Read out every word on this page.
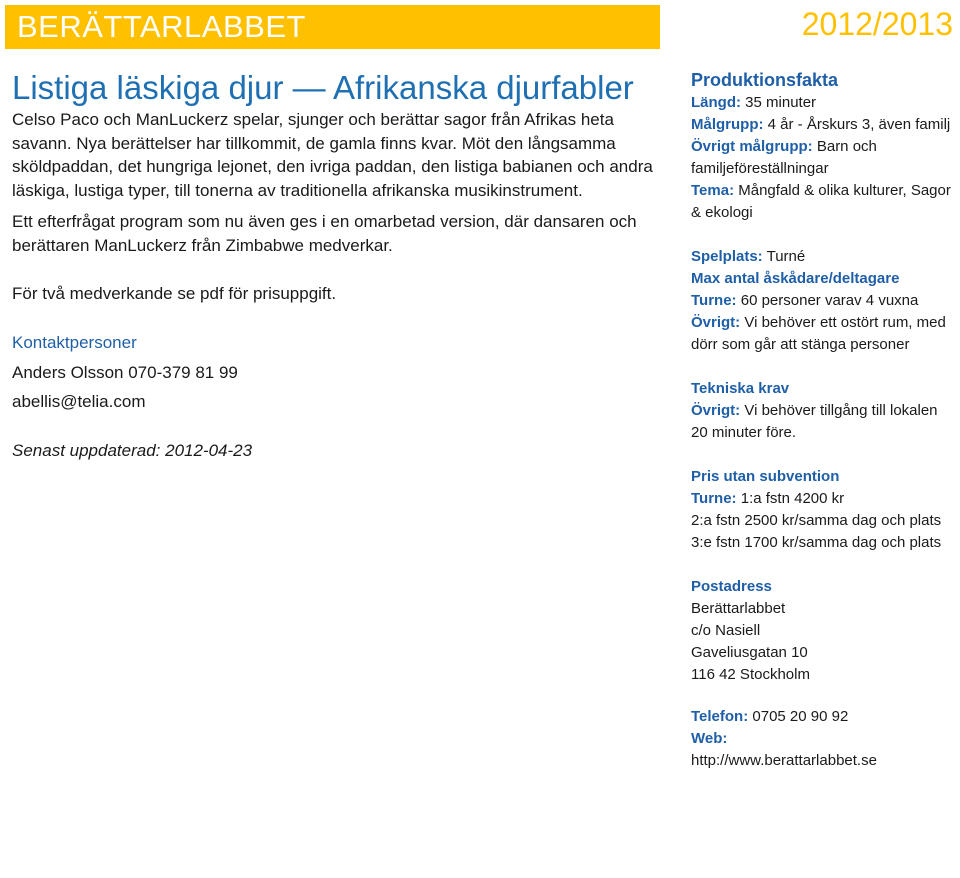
BERÄTTARLABBET	2012/2013
Listiga läskiga djur — Afrikanska djurfabler

Celso Paco och ManLuckerz spelar, sjunger och berättar sagor från Afrikas heta savann. Nya berättelser har tillkommit, de gamla finns kvar. Möt den långsamma sköldpaddan, det hungriga lejonet, den ivriga paddan, den listiga babianen och andra läskiga, lustiga typer, till tonerna av traditionella afrikanska musikinstrument.

Ett efterfrågat program som nu även ges i en omarbetad version, där dansaren och berättaren ManLuckerz från Zimbabwe medverkar.

För två medverkande se pdf för prisuppgift.

Kontaktpersoner
Anders Olsson 070-379 81 99
abellis@telia.com
Senast uppdaterad: 2012-04-23
Produktionsfakta
Längd: 35 minuter
Målgrupp: 4 år - Årskurs 3, även familj
Övrigt målgrupp: Barn och familjeföreställningar
Tema: Mångfald & olika kulturer, Sagor & ekologi
Spelplats: Turné
Max antal åskådare/deltagare
Turne: 60 personer varav 4 vuxna
Övrigt: Vi behöver ett ostört rum, med dörr som går att stänga personer
Tekniska krav
Övrigt: Vi behöver tillgång till lokalen 20 minuter före.
Pris utan subvention
Turne: 1:a fstn 4200 kr
2:a fstn 2500 kr/samma dag och plats
3:e fstn 1700 kr/samma dag och plats
Postadress
Berättarlabbet
c/o Nasiell
Gaveliusgatan 10
116 42 Stockholm
Telefon: 0705 20 90 92
Web:
http://www.berattarlabbet.se
